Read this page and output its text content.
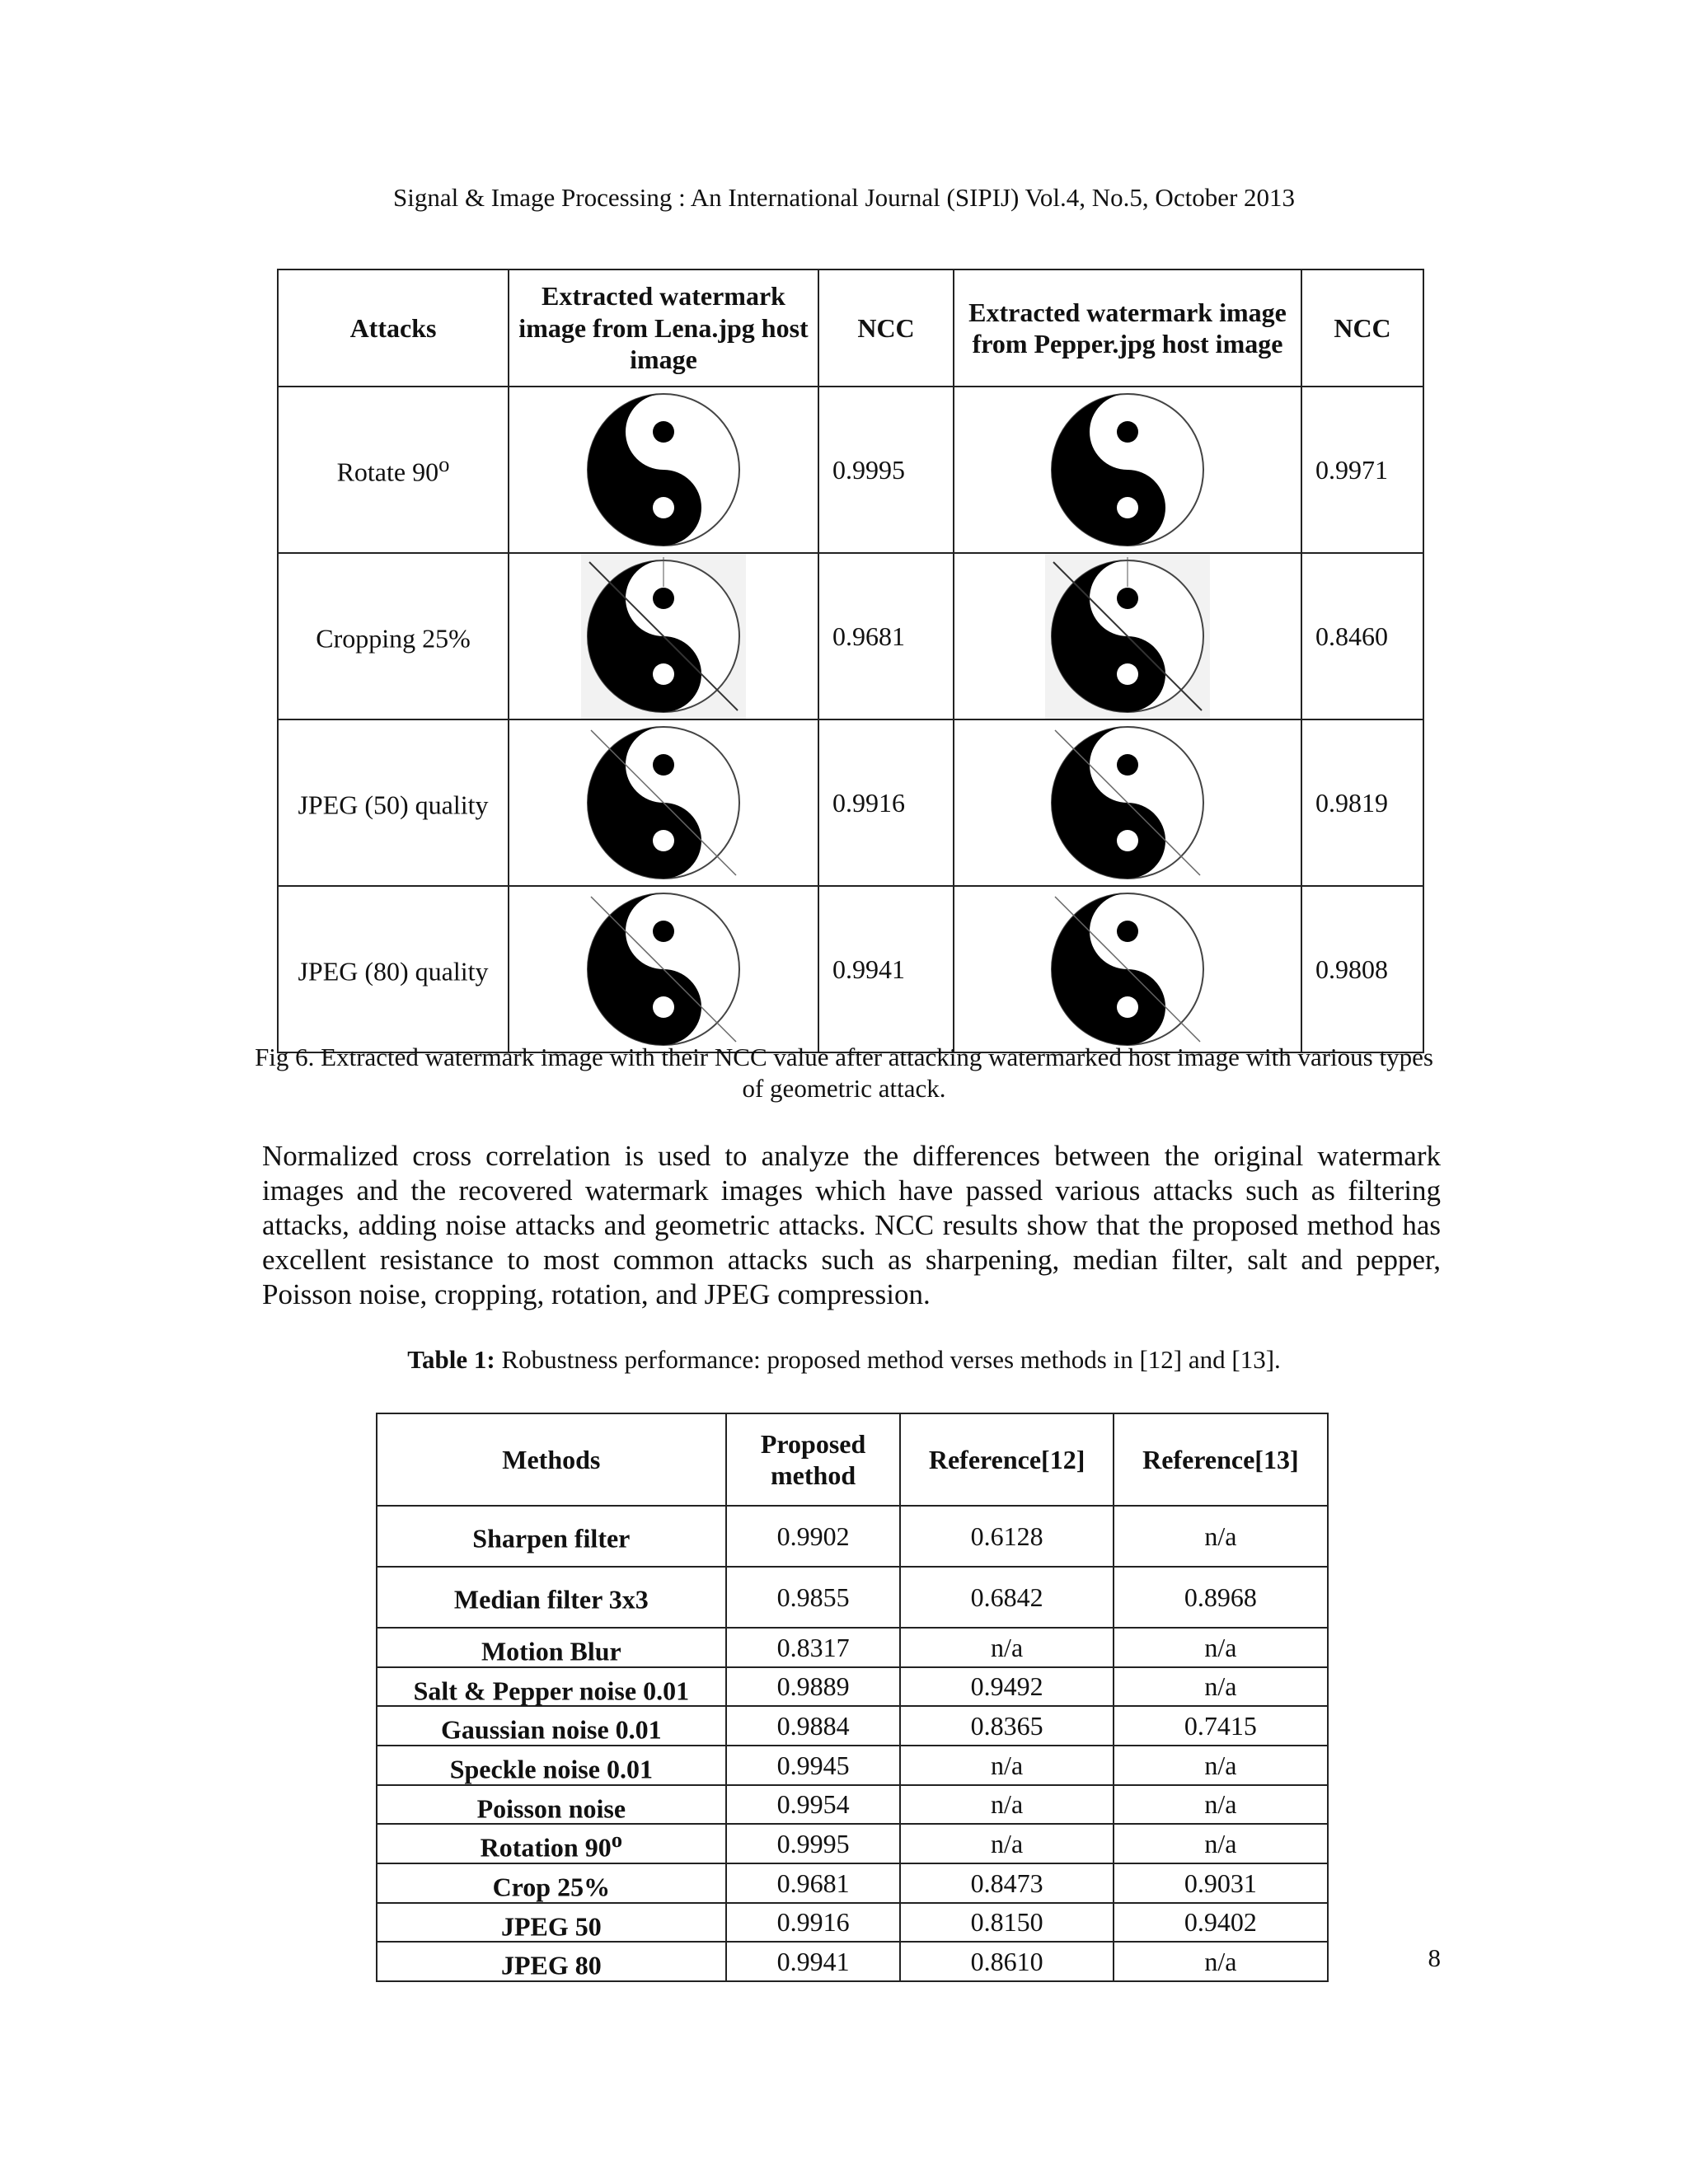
Signal & Image Processing : An International Journal (SIPIJ) Vol.4, No.5, October 2013
Attacks	Extracted watermark image from Lena.jpg host image	NCC	Extracted watermark image from Pepper.jpg host image	NCC
Rotate 90$^o$		0.9995		0.9971
Cropping 25%		0.9681		0.8460
JPEG (50) quality		0.9916		0.9819
JPEG (80) quality		0.9941		0.9808
Fig 6. Extracted watermark image with their NCC value after attacking watermarked host image with various types of geometric attack.

Normalized cross correlation is used to analyze the differences between the original watermark images and the recovered watermark images which have passed various attacks such as filtering attacks, adding noise attacks and geometric attacks. NCC results show that the proposed method has excellent resistance to most common attacks such as sharpening, median filter, salt and pepper, Poisson noise, cropping, rotation, and JPEG compression.

Table 1: Robustness performance: proposed method verses methods in [12] and [13].
Methods	Proposed method	Reference[12]	Reference[13]
Sharpen filter	0.9902	0.6128	n/a
Median filter 3x3	0.9855	0.6842	0.8968
Motion Blur	0.8317	n/a	n/a
Salt & Pepper noise 0.01	0.9889	0.9492	n/a
Gaussian noise 0.01	0.9884	0.8365	0.7415
Speckle noise 0.01	0.9945	n/a	n/a
Poisson noise	0.9954	n/a	n/a
Rotation 90$^o$	0.9995	n/a	n/a
Crop 25%	0.9681	0.8473	0.9031
JPEG 50	0.9916	0.8150	0.9402
JPEG 80	0.9941	0.8610	n/a	8
